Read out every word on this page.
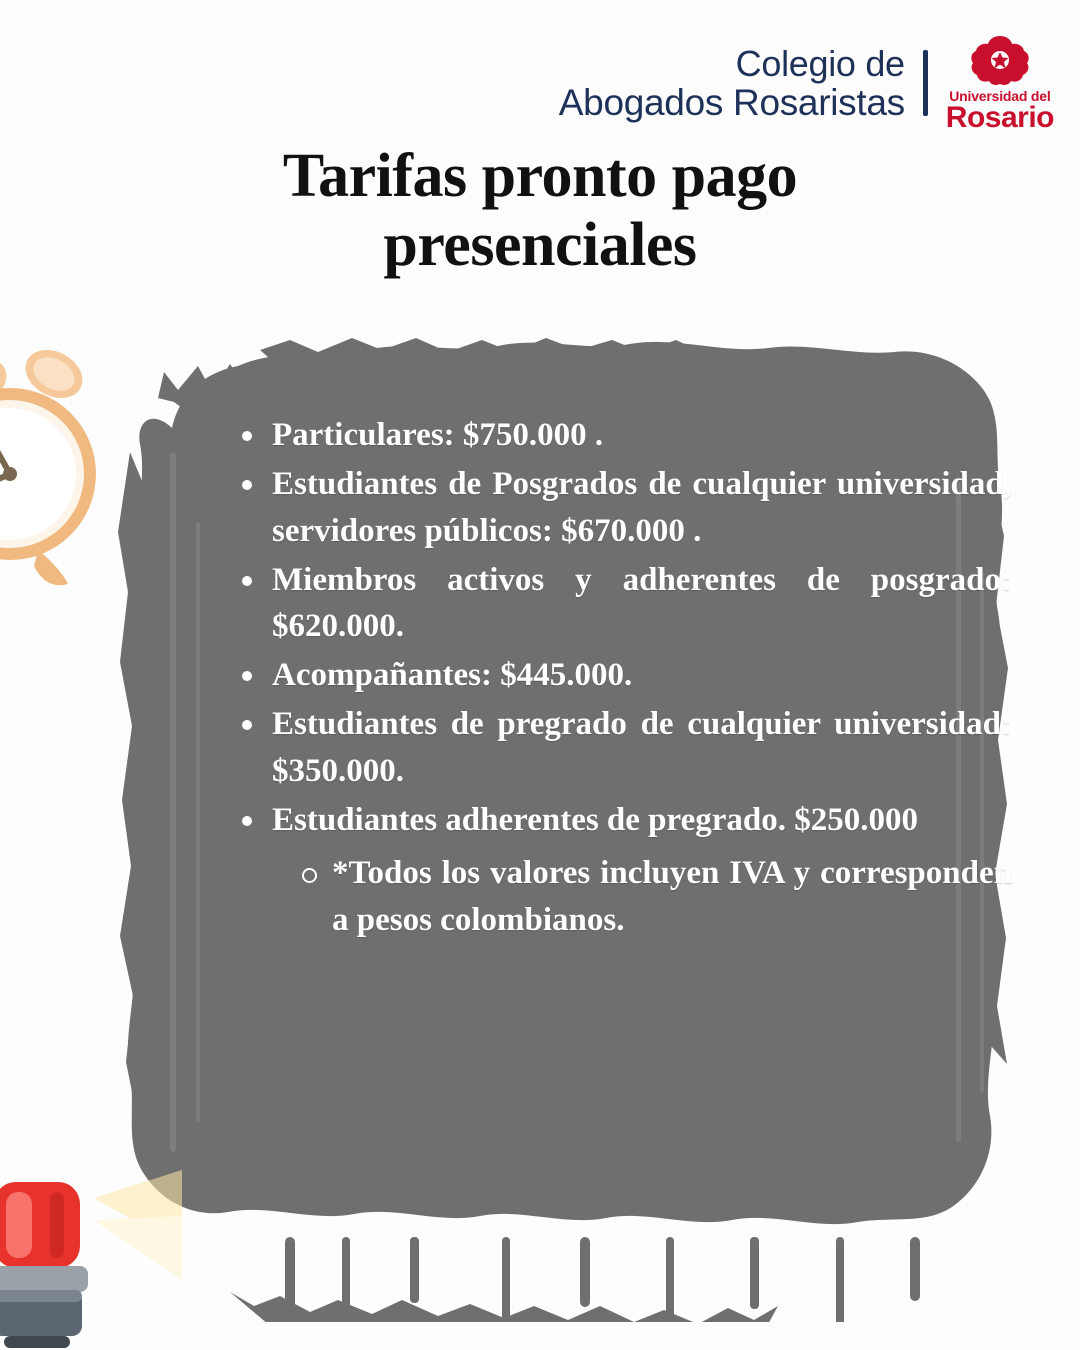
Colegio de
Abogados Rosaristas	Universidad del
Rosario
Tarifas pronto pago presenciales
Particulares: $750.000 .
Estudiantes de Posgrados de cualquier universidad, servidores públicos: $670.000 .
Miembros activos y adherentes de posgrado: $620.000.
Acompañantes: $445.000.
Estudiantes de pregrado de cualquier universidad: $350.000.
Estudiantes adherentes de pregrado. $250.000
*Todos los valores incluyen IVA y corresponden a pesos colombianos.
